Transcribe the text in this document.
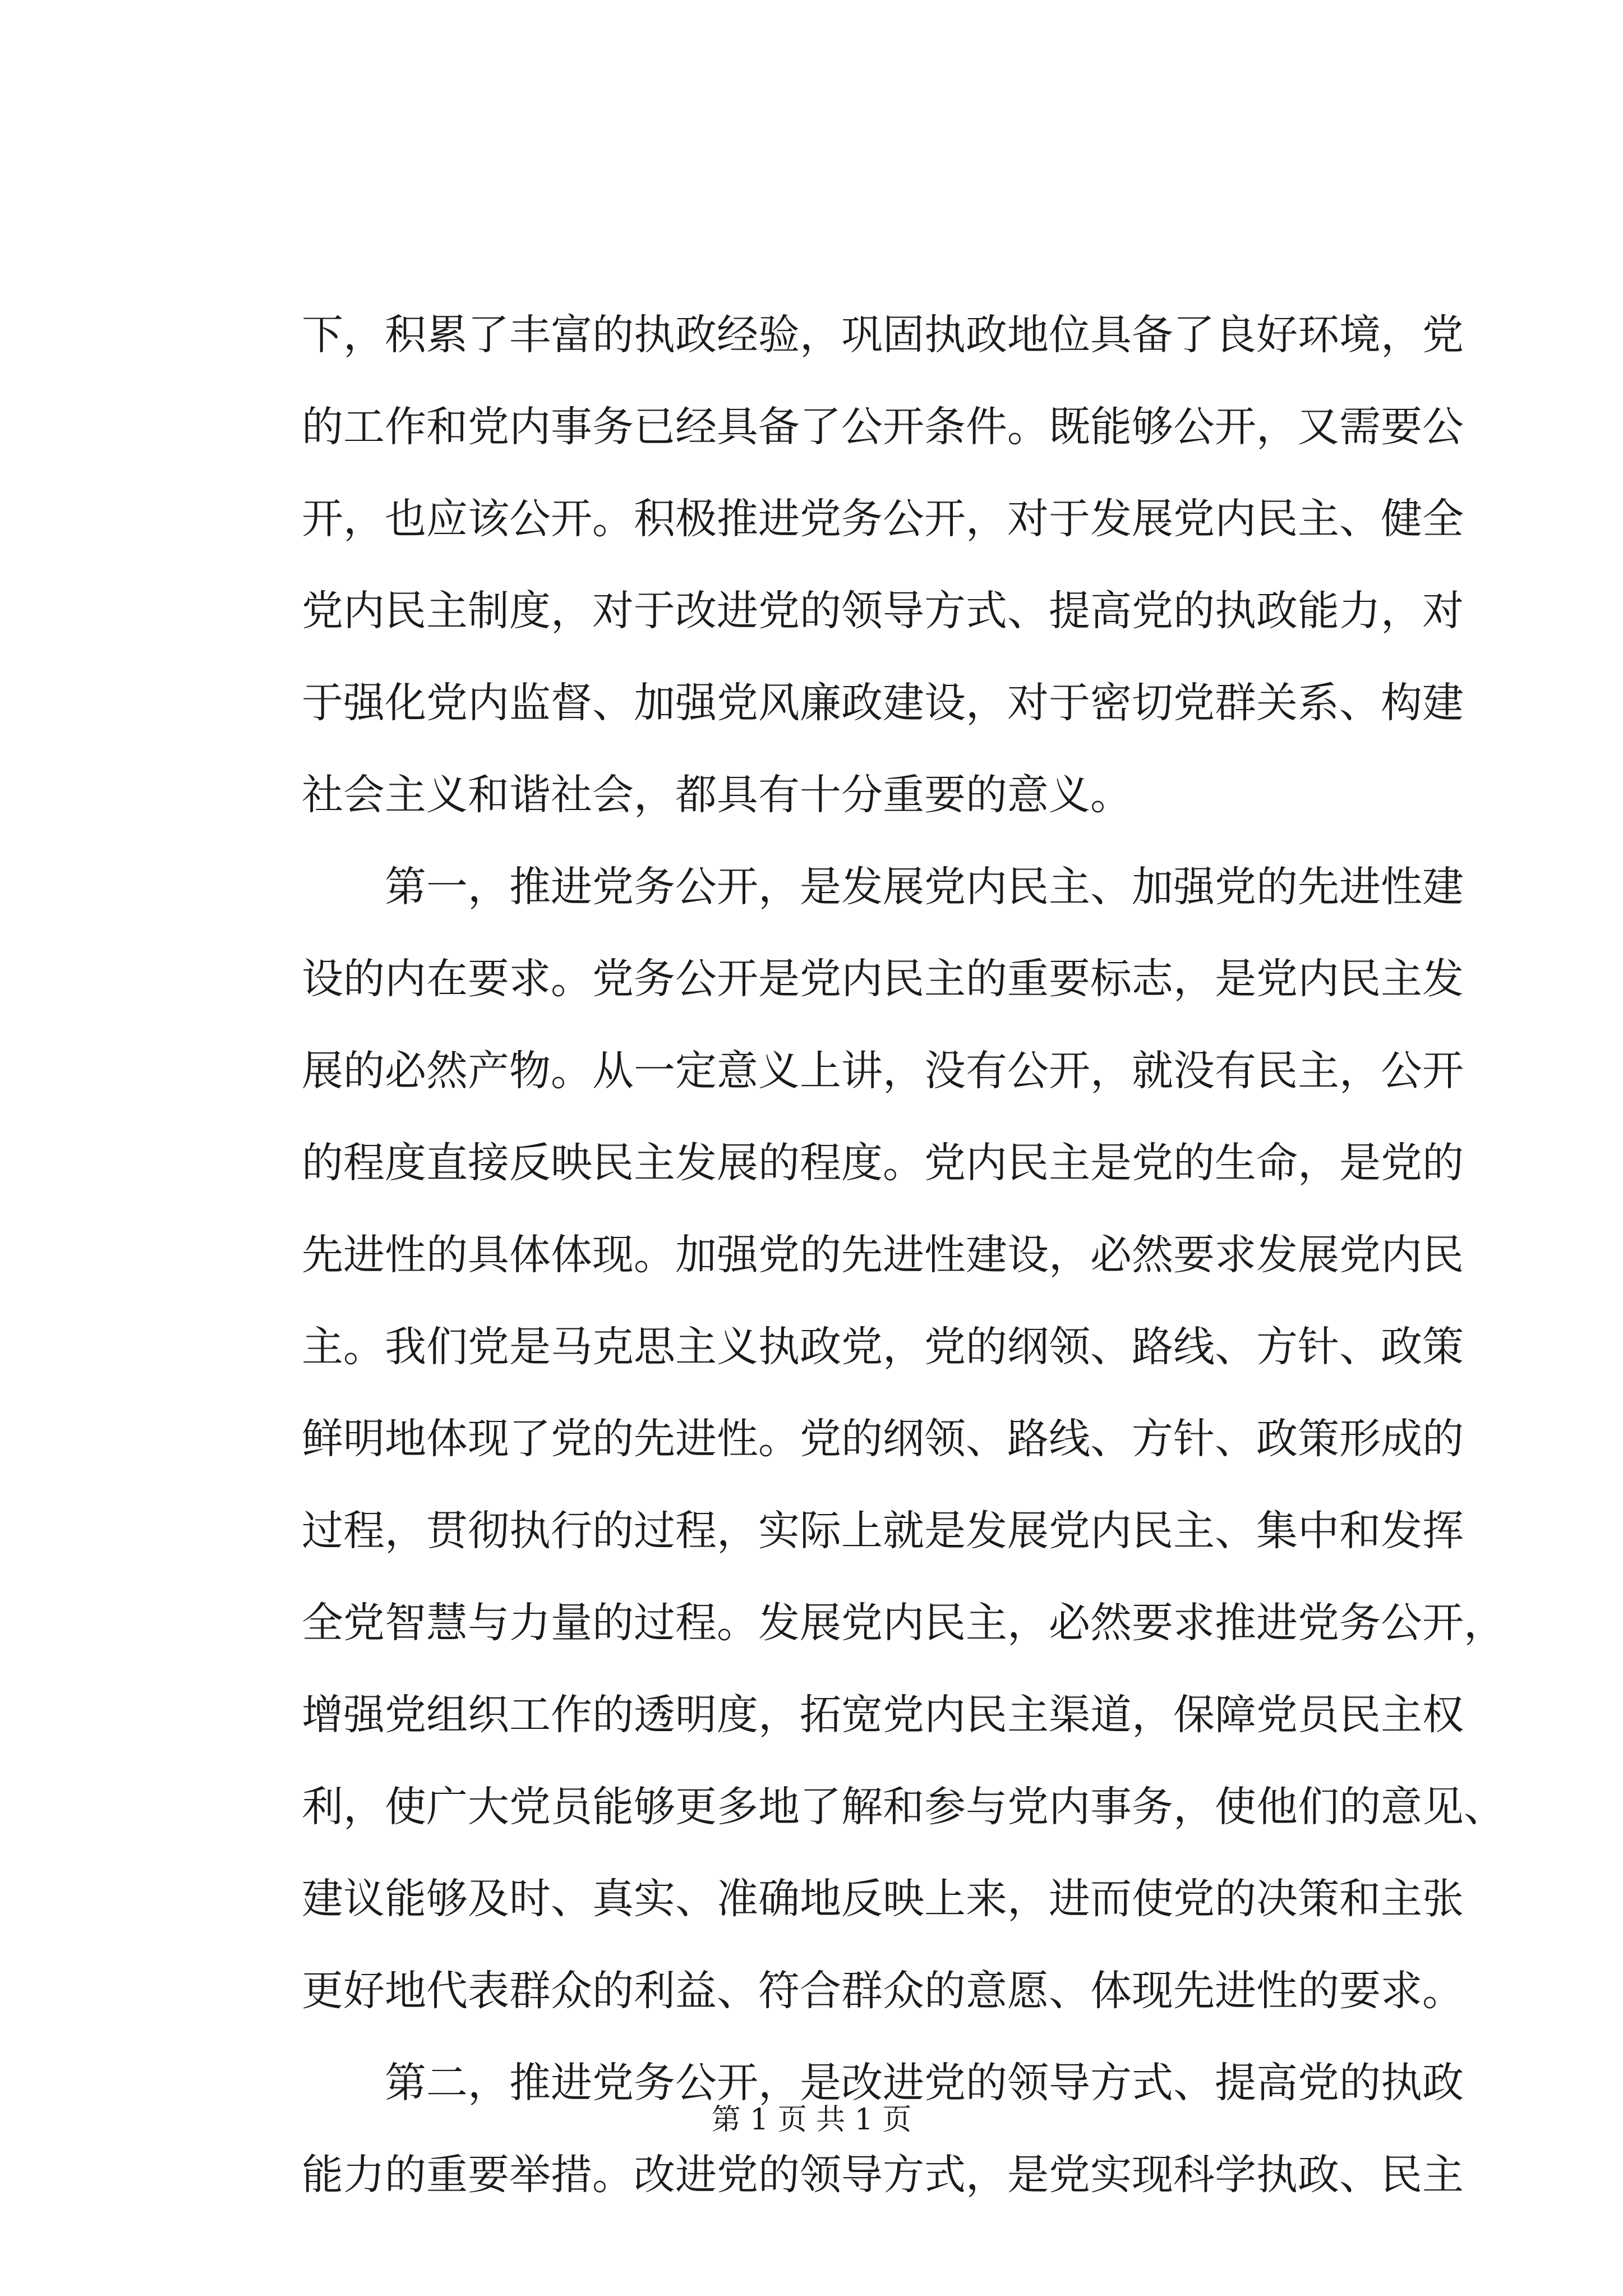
下，积累了丰富的执政经验，巩固执政地位具备了良好环境，党
的工作和党内事务已经具备了公开条件。既能够公开，又需要公
开，也应该公开。积极推进党务公开，对于发展党内民主、健全
党内民主制度，对于改进党的领导方式、提高党的执政能力，对
于强化党内监督、加强党风廉政建设，对于密切党群关系、构建
社会主义和谐社会，都具有十分重要的意义。
　　第一，推进党务公开，是发展党内民主、加强党的先进性建
设的内在要求。党务公开是党内民主的重要标志，是党内民主发
展的必然产物。从一定意义上讲，没有公开，就没有民主，公开
的程度直接反映民主发展的程度。党内民主是党的生命，是党的
先进性的具体体现。加强党的先进性建设，必然要求发展党内民
主。我们党是马克思主义执政党，党的纲领、路线、方针、政策
鲜明地体现了党的先进性。党的纲领、路线、方针、政策形成的
过程，贯彻执行的过程，实际上就是发展党内民主、集中和发挥
全党智慧与力量的过程。发展党内民主，必然要求推进党务公开，
增强党组织工作的透明度，拓宽党内民主渠道，保障党员民主权
利，使广大党员能够更多地了解和参与党内事务，使他们的意见、
建议能够及时、真实、准确地反映上来，进而使党的决策和主张
更好地代表群众的利益、符合群众的意愿、体现先进性的要求。
　　第二，推进党务公开，是改进党的领导方式、提高党的执政
能力的重要举措。改进党的领导方式，是党实现科学执政、民主
第 1 页 共 1 页
